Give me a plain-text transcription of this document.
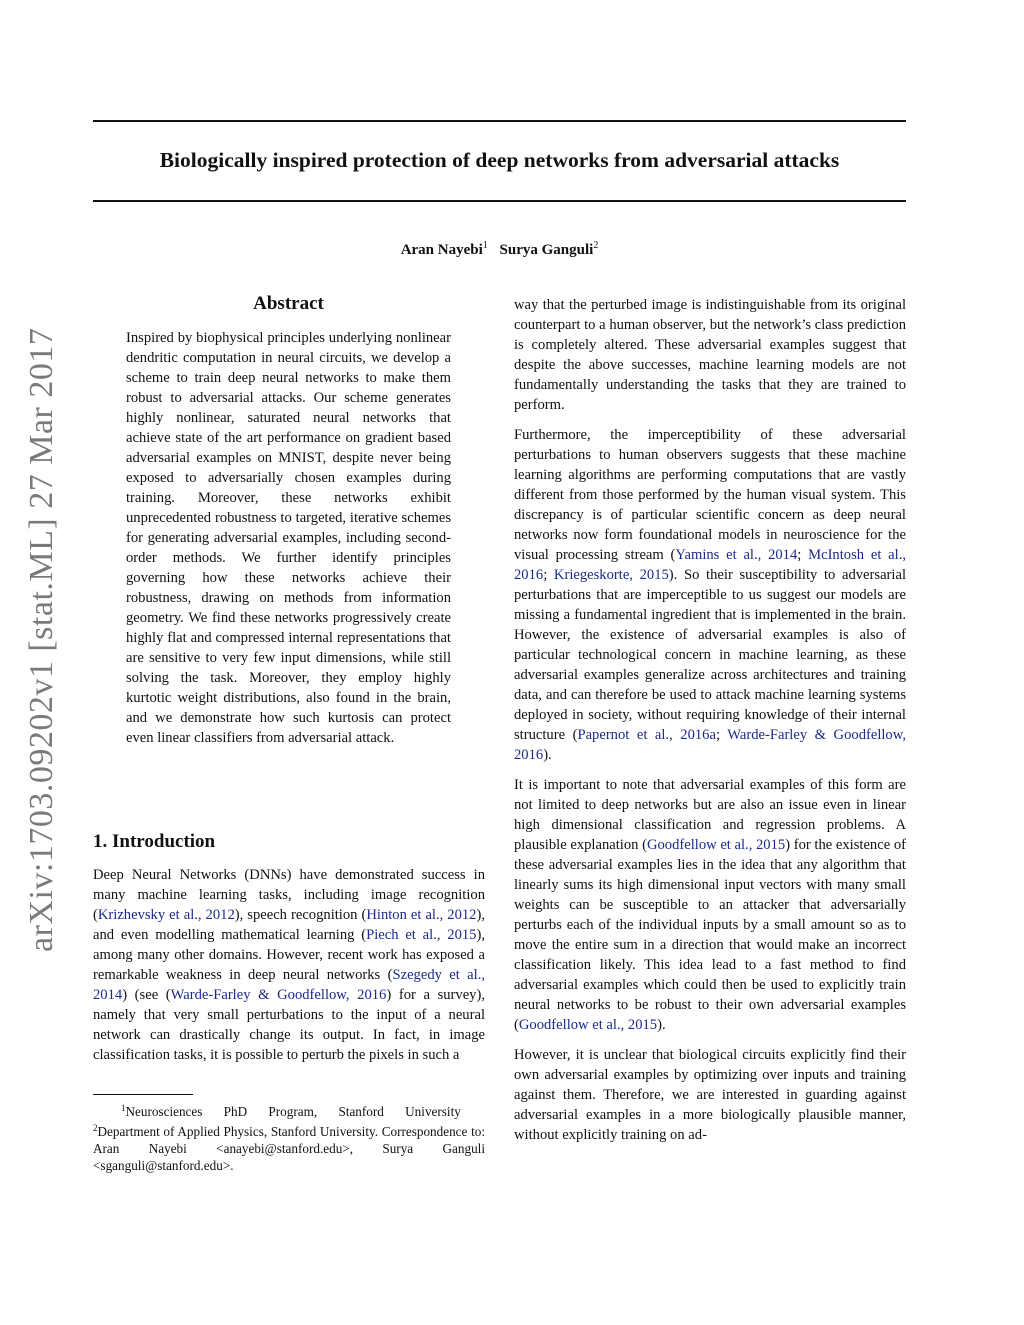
Biologically inspired protection of deep networks from adversarial attacks
Aran Nayebi$^1$ Surya Ganguli$^2$
arXiv:1703.09202v1 [stat.ML] 27 Mar 2017
Abstract
Inspired by biophysical principles underlying nonlinear dendritic computation in neural circuits, we develop a scheme to train deep neural networks to make them robust to adversarial attacks. Our scheme generates highly nonlinear, saturated neural networks that achieve state of the art performance on gradient based adversarial examples on MNIST, despite never being exposed to adversarially chosen examples during training. Moreover, these networks exhibit unprecedented robustness to targeted, iterative schemes for generating adversarial examples, including second-order methods. We further identify principles governing how these networks achieve their robustness, drawing on methods from information geometry. We find these networks progressively create highly flat and compressed internal representations that are sensitive to very few input dimensions, while still solving the task. Moreover, they employ highly kurtotic weight distributions, also found in the brain, and we demonstrate how such kurtosis can protect even linear classifiers from adversarial attack.
1. Introduction
Deep Neural Networks (DNNs) have demonstrated success in many machine learning tasks, including image recognition (Krizhevsky et al., 2012), speech recognition (Hinton et al., 2012), and even modelling mathematical learning (Piech et al., 2015), among many other domains. However, recent work has exposed a remarkable weakness in deep neural networks (Szegedy et al., 2014) (see (Warde-Farley & Goodfellow, 2016) for a survey), namely that very small perturbations to the input of a neural network can drastically change its output. In fact, in image classification tasks, it is possible to perturb the pixels in such a

$^1$Neurosciences PhD Program, Stanford University

$^2$Department of Applied Physics, Stanford University. Correspondence to: Aran Nayebi <anayebi@stanford.edu>, Surya Ganguli <sganguli@stanford.edu>.

way that the perturbed image is indistinguishable from its original counterpart to a human observer, but the network’s class prediction is completely altered. These adversarial examples suggest that despite the above successes, machine learning models are not fundamentally understanding the tasks that they are trained to perform.

Furthermore, the imperceptibility of these adversarial perturbations to human observers suggests that these machine learning algorithms are performing computations that are vastly different from those performed by the human visual system. This discrepancy is of particular scientific concern as deep neural networks now form foundational models in neuroscience for the visual processing stream (Yamins et al., 2014; McIntosh et al., 2016; Kriegeskorte, 2015). So their susceptibility to adversarial perturbations that are imperceptible to us suggest our models are missing a fundamental ingredient that is implemented in the brain. However, the existence of adversarial examples is also of particular technological concern in machine learning, as these adversarial examples generalize across architectures and training data, and can therefore be used to attack machine learning systems deployed in society, without requiring knowledge of their internal structure (Papernot et al., 2016a; Warde-Farley & Goodfellow, 2016).

It is important to note that adversarial examples of this form are not limited to deep networks but are also an issue even in linear high dimensional classification and regression problems. A plausible explanation (Goodfellow et al., 2015) for the existence of these adversarial examples lies in the idea that any algorithm that linearly sums its high dimensional input vectors with many small weights can be susceptible to an attacker that adversarially perturbs each of the individual inputs by a small amount so as to move the entire sum in a direction that would make an incorrect classification likely. This idea lead to a fast method to find adversarial examples which could then be used to explicitly train neural networks to be robust to their own adversarial examples (Goodfellow et al., 2015).

However, it is unclear that biological circuits explicitly find their own adversarial examples by optimizing over inputs and training against them. Therefore, we are interested in guarding against adversarial examples in a more biologically plausible manner, without explicitly training on ad-
